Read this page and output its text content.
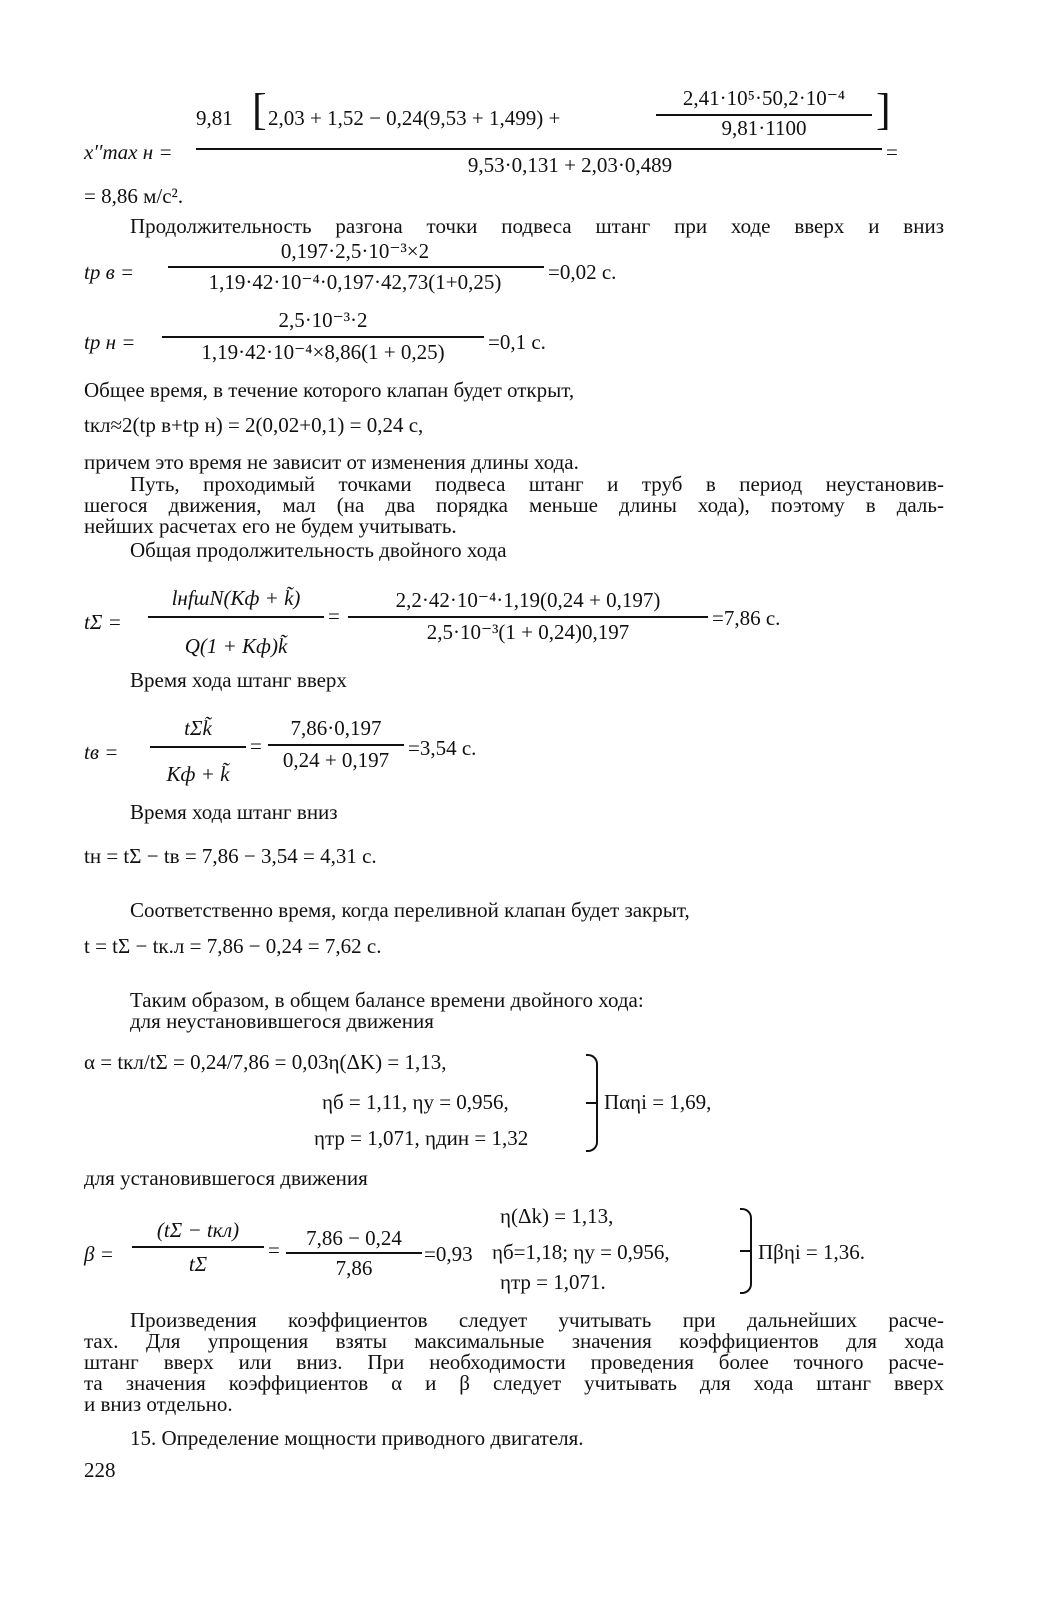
x′′max н =
9,81 [ 2,03 + 1,52 − 0,24(9,53 + 1,499) +
2,41·10⁵·50,2·10⁻⁴
9,81·1100	]
9,53·0,131 + 2,03·0,489
=
= 8,86 м/с².
Продолжительность разгона точки подвеса штанг при ходе вверх и вниз
tр в =
0,197·2,5·10⁻³×2
1,19·42·10⁻⁴·0,197·42,73(1+0,25)	=0,02 с.
tр н =
2,5·10⁻³·2
1,19·42·10⁻⁴×8,86(1 + 0,25)	=0,1 с.
Общее время, в течение которого клапан будет открыт,
tкл≈2(tр в+tр н) = 2(0,02+0,1) = 0,24 с,
причем это время не зависит от изменения длины хода.
Путь, проходимый точками подвеса штанг и труб в период неустановив-
шегося движения, мал (на два порядка меньше длины хода), поэтому в даль-
нейших расчетах его не будем учитывать.
Общая продолжительность двойного хода
tΣ =
lнfшN(Kф + k̃)
Q(1 + Kф)k̃
=
2,2·42·10⁻⁴·1,19(0,24 + 0,197)
2,5·10⁻³(1 + 0,24)0,197
=7,86 с.
Время хода штанг вверх
tв =
tΣk̃
Kф + k̃
=
7,86·0,197
0,24 + 0,197 =3,54 с.
Время хода штанг вниз
tн = tΣ − tв = 7,86 − 3,54 = 4,31 с.
Соответственно время, когда переливной клапан будет закрыт,
t = tΣ − tк.л = 7,86 − 0,24 = 7,62 с.
Таким образом, в общем балансе времени двойного хода:
для неустановившегося движения
α = tкл/tΣ = 0,24/7,86 = 0,03η(ΔK) = 1,13,
ηб = 1,11, ηу = 0,956,
ηтр = 1,071, ηдин = 1,32
Παηi = 1,69,
для установившегося движения
β =
(tΣ − tкл)
tΣ
=	7,86 − 0,24
7,86
=0,93
η(Δk) = 1,13,
ηб=1,18; ηу = 0,956,
ηтр = 1,071.
Πβηi = 1,36.
Произведения коэффициентов следует учитывать при дальнейших расче-
тах. Для упрощения взяты максимальные значения коэффициентов для хода
штанг вверх или вниз. При необходимости проведения более точного расче-
та значения коэффициентов α и β следует учитывать для хода штанг вверх
и вниз отдельно.
15. Определение мощности приводного двигателя.
228
